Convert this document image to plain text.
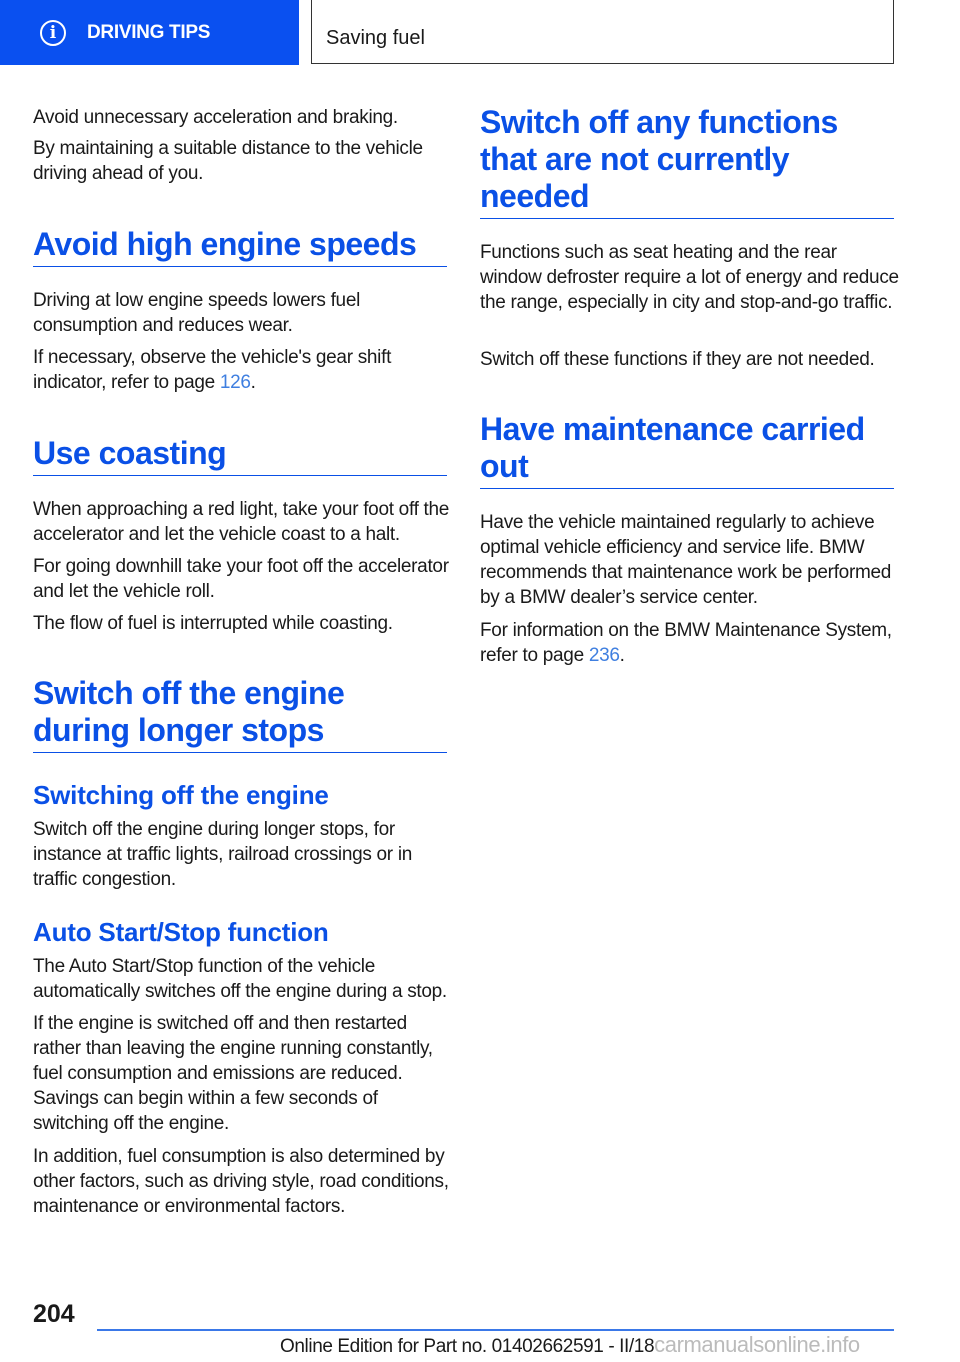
i	DRIVING TIPS	Saving fuel

Avoid unnecessary acceleration and braking.

By maintaining a suitable distance to the vehicle driving ahead of you.

Avoid high engine speeds

Driving at low engine speeds lowers fuel consumption and reduces wear.

If necessary, observe the vehicle's gear shift indicator, refer to page 126.

Use coasting

When approaching a red light, take your foot off the accelerator and let the vehicle coast to a halt.

For going downhill take your foot off the accelerator and let the vehicle roll.

The flow of fuel is interrupted while coasting.

Switch off the engine during longer stops
Switching off the engine

Switch off the engine during longer stops, for instance at traffic lights, railroad crossings or in traffic congestion.

Auto Start/Stop function

The Auto Start/Stop function of the vehicle automatically switches off the engine during a stop.

If the engine is switched off and then restarted rather than leaving the engine running constantly, fuel consumption and emissions are reduced. Savings can begin within a few seconds of switching off the engine.

In addition, fuel consumption is also determined by other factors, such as driving style, road conditions, maintenance or environmental factors.

Switch off any functions that are not currently needed

Functions such as seat heating and the rear window defroster require a lot of energy and reduce the range, especially in city and stop-and-go traffic.

Switch off these functions if they are not needed.

Have maintenance carried out

Have the vehicle maintained regularly to achieve optimal vehicle efficiency and service life. BMW recommends that maintenance work be performed by a BMW dealer’s service center.

For information on the BMW Maintenance System, refer to page 236.

204
Online Edition for Part no. 01402662591 - II/18carmanualsonline.info
